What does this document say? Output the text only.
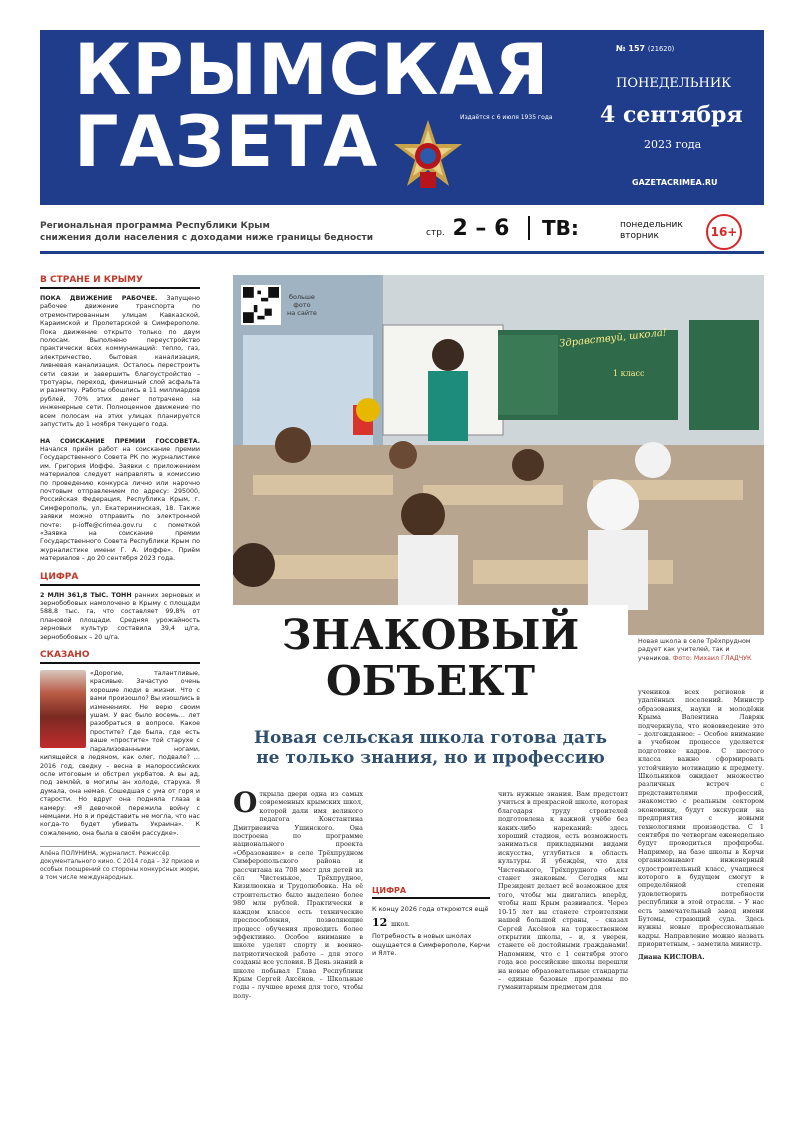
КРЫМСКАЯ
ГАЗЕТА	Издаётся с 6 июля 1935 года
№ 157 (21620)
ПОНЕДЕЛЬНИК
4 сентября
2023 года
GAZETACRIMEA.RU
Региональная программа Республики Крым
снижения доли населения с доходами ниже границы бедности	стр. 2 – 6	ТВ:	понедельник
вторник	16+
В СТРАНЕ И КРЫМУ

ПОКА ДВИЖЕНИЕ РАБОЧЕЕ. Запущено рабочее движение транспорта по отремонтированным улицам Кавказской, Караимской и Пролетарской в Симферополе. Пока движение открыто только по двум полосам. Выполнено переустройство практически всех коммуникаций: тепло, газ, электричество, бытовая канализация, ливневая канализация. Осталось перестроить сети связи и завершить благоустройство – тротуары, переход, финишный слой асфальта и разметку. Работы обошлись в 11 миллиардов рублей, 70% этих денег потрачено на инженерные сети. Полноценное движение по всем полосам на этих улицах планируется запустить до 1 ноября текущего года.

НА СОИСКАНИЕ ПРЕМИИ ГОССОВЕТА. Начался приём работ на соискание премии Государственного Совета РК по журналистике им. Григория Иоффе. Заявки с приложением материалов следует направлять в комиссию по проведению конкурса лично или нарочно почтовым отправлением по адресу: 295000, Российская Федерация, Республика Крым, г. Симферополь, ул. Екатерининская, 18. Также заявки можно отправить по электронной почте: p-ioffe@crimea.gov.ru с пометкой «Заявка на соискание премии Государственного Совета Республики Крым по журналистике имени Г. А. Иоффе». Приём материалов – до 20 сентября 2023 года.

ЦИФРА

2 МЛН 361,8 ТЫС. ТОНН ранних зерновых и зернобобовых намолочено в Крыму с площади 588,8 тыс. га, что составляет 99,8% от плановой площади. Средняя урожайность зерновых культур составила 39,4 ц/га, зернобобовых – 20 ц/га.

СКАЗАНО

«Дорогие, талантливые, красивые. Зачастую очень хорошие люди в жизни. Что с вами произошло? Вы изошлись в изменениях. Не верю своим ушам. У вас было восемь… лет разобраться в вопросе. Какое простите? Где была, где есть ваше «простите» той старухе с парализованными ногами, кипящейся в ледяном, как олег, подвале? …2016 год, сведку – весна в малороссийских осле итоговым и обстрел укрбатов. А вы ад, под землёй, в могилы ан холоде, старуха. Я думала, она немая. Сошедшая с ума от горя и старости. Но вдруг она подняла глаза в камеру: «Я девочкой пережила войну с немцами. Но я и представить не могла, что нас когда-то будет убивать Украина». К сожалению, она была в своём рассудке».

Алёна ПОЛУНИНА, журналист. Режиссёр документального кино. С 2014 года – 32 призов и особых поощрений со стороны конкурсных жюри, в том числе международных.

больше
фото
на сайте
Здравствуй, школа!
1 класс
Новая школа в селе Трёхпрудном радует как учителей, так и учеников. Фото: Михаил ГЛАДЧУК
ЗНАКОВЫЙ
ОБЪЕКТ
Новая сельская школа готова дать
не только знания, но и профессию
Открыла двери одна из самых современных крымских школ, которой дали имя великого педагога Константина Дмитриевича Ушинского. Она построена по программе национального проекта «Образование» в селе Трёхпрудном Симферопольского района и рассчитана на 708 мест для детей из сёл Чистенькое, Трёхпрудное, Кизилюокна и Трудолюбовка. На её строительство было выделено более 980 млн рублей. Практически в каждом классе есть технические преспособления, позволяющие процесс обучения проводить более эффективно. Особое внимание в школе уделят спорту и военно-патриотической работе – для этого созданы все условия. В День знаний в школе побывал Глава Республики Крым Сергей Аксёнов. – Школьные годы – лучшее время для того, чтобы полу-
чить нужные знания. Вам предстоит учиться в прекрасной школе, которая благодаря труду строителей подготовлена к важной учёбе без каких-либо нареканий: здесь хороший стадион, есть возможность заниматься прикладными видами искусства, углубиться в область культуры. Я убеждён, что для Чистенького, Трёхпрудного объект станет знаковым. Сегодня мы Президент делает всё возможное для того, чтобы мы двигались вперёд, чтобы наш Крым развивался. Через 10-15 лет вы станете строителями нашей большой страны, – сказал Сергей Аксёнов на торжественном открытии школы, – и, я уверен, станете её достойными гражданами! Напомним, что с 1 сентября этого года все российские школы перешли на новые образовательные стандарты – единые базовые программы по гуманитарным предметам для
учеников всех регионов и удалённых поселений. Министр образования, науки и молодёжи Крыма Валентина Лавряк подчеркнула, что нововведение это – долгожданное: – Особое внимание в учебном процессе уделяется подготовке кадров. С шестого класса важно сформировать устойчивую мотивацию к предмету. Школьников ожидает множество различных встреч с представителями профессий, знакомство с реальным сектором экономики, будут экскурсии на предприятия с новыми технологиями производства. С 1 сентября по четвергам еженедельно будут проводиться профпробы. Например, на базе школы в Керчи организовывают инженерный судостроительный класс, учащиеся которого в будущем смогут в определённой степени удовлетворить потребности республики в этой отрасли. – У нас есть замечательный завод имени Бутомы, страющий суда. Здесь нужны новые профессиональные кадры. Направление можно назвать приоритетным, – заметила министр.
Диана КИСЛОВА.
ЦИФРА

К концу 2026 года откроются ещё

12 школ.

Потребность в новых школах ощущается в Симферополе, Керчи и Ялте.
